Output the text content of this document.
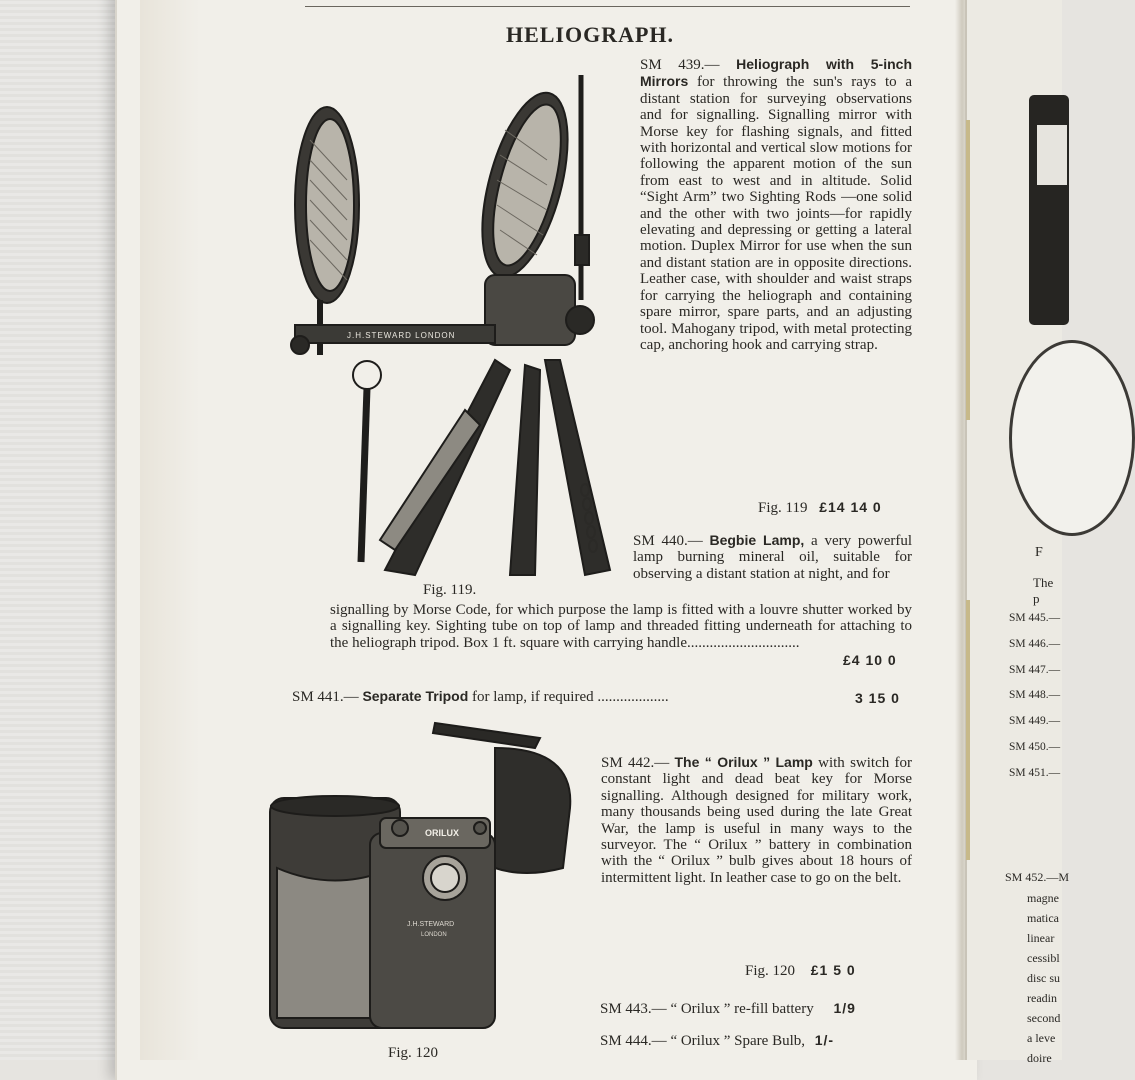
F
The p
SM 445.—
SM 446.—
SM 447.—
SM 448.—
SM 449.—
SM 450.—
SM 451.—
SM 452.—M
magne
matica
linear
cessibl
disc su
readin
second
a leve
doire
HELIOGRAPH.
J.H.STEWARD LONDON
SM 439.— Heliograph with 5-inch Mirrors for throwing the sun's rays to a distant station for surveying observations and for signalling. Signalling mirror with Morse key for flashing signals, and fitted with horizontal and vertical slow motions for following the apparent motion of the sun from east to west and in altitude. Solid “Sight Arm” two Sighting Rods —one solid and the other with two joints—for rapidly elevating and depressing or getting a lateral motion. Duplex Mirror for use when the sun and distant station are in opposite directions. Leather case, with shoulder and waist straps for carrying the heliograph and containing spare mirror, spare parts, and an adjusting tool. Mahogany tripod, with metal protecting cap, anchoring hook and carrying strap.
Fig. 119 £14 14 0
SM 440.— Begbie Lamp, a very powerful lamp burning mineral oil, suitable for observing a distant station at night, and for
Fig. 119.
signalling by Morse Code, for which purpose the lamp is fitted with a louvre shutter worked by a signalling key. Sighting tube on top of lamp and threaded fitting underneath for attaching to the heliograph tripod. Box 1 ft. square with carrying handle..............................
£4 10 0
SM 441.— Separate Tripod for lamp, if required ...................	3 15 0
ORILUX
J.H.STEWARD
LONDON
SM 442.— The “ Orilux ” Lamp with switch for constant light and dead beat key for Morse signalling. Although designed for military work, many thousands being used during the late Great War, the lamp is useful in many ways to the surveyor. The “ Orilux ” battery in combination with the “ Orilux ” bulb gives about 18 hours of intermittent light. In leather case to go on the belt.
Fig. 120 £1 5 0
SM 443.— “ Orilux ” re-fill battery 1/9
SM 444.— “ Orilux ” Spare Bulb, 1/-
Fig. 120
